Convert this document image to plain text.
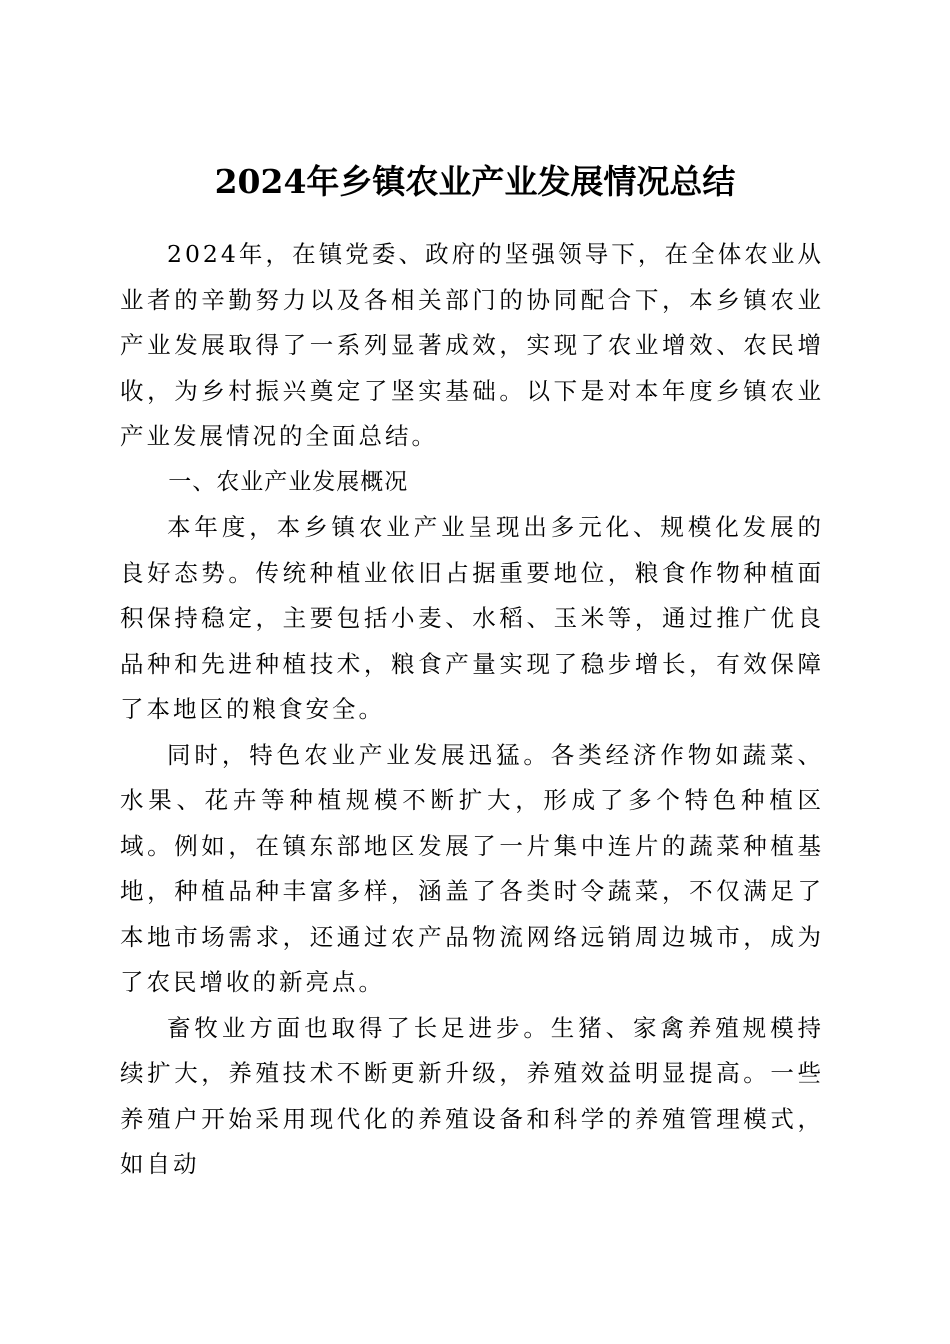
2024年乡镇农业产业发展情况总结

2024年，在镇党委、政府的坚强领导下，在全体农业从业者的辛勤努力以及各相关部门的协同配合下，本乡镇农业产业发展取得了一系列显著成效，实现了农业增效、农民增收，为乡村振兴奠定了坚实基础。以下是对本年度乡镇农业产业发展情况的全面总结。

一、农业产业发展概况

本年度，本乡镇农业产业呈现出多元化、规模化发展的良好态势。传统种植业依旧占据重要地位，粮食作物种植面积保持稳定，主要包括小麦、水稻、玉米等，通过推广优良品种和先进种植技术，粮食产量实现了稳步增长，有效保障了本地区的粮食安全。

同时，特色农业产业发展迅猛。各类经济作物如蔬菜、水果、花卉等种植规模不断扩大，形成了多个特色种植区域。例如，在镇东部地区发展了一片集中连片的蔬菜种植基地，种植品种丰富多样，涵盖了各类时令蔬菜，不仅满足了本地市场需求，还通过农产品物流网络远销周边城市，成为了农民增收的新亮点。

畜牧业方面也取得了长足进步。生猪、家禽养殖规模持续扩大，养殖技术不断更新升级，养殖效益明显提高。一些养殖户开始采用现代化的养殖设备和科学的养殖管理模式，如自动
